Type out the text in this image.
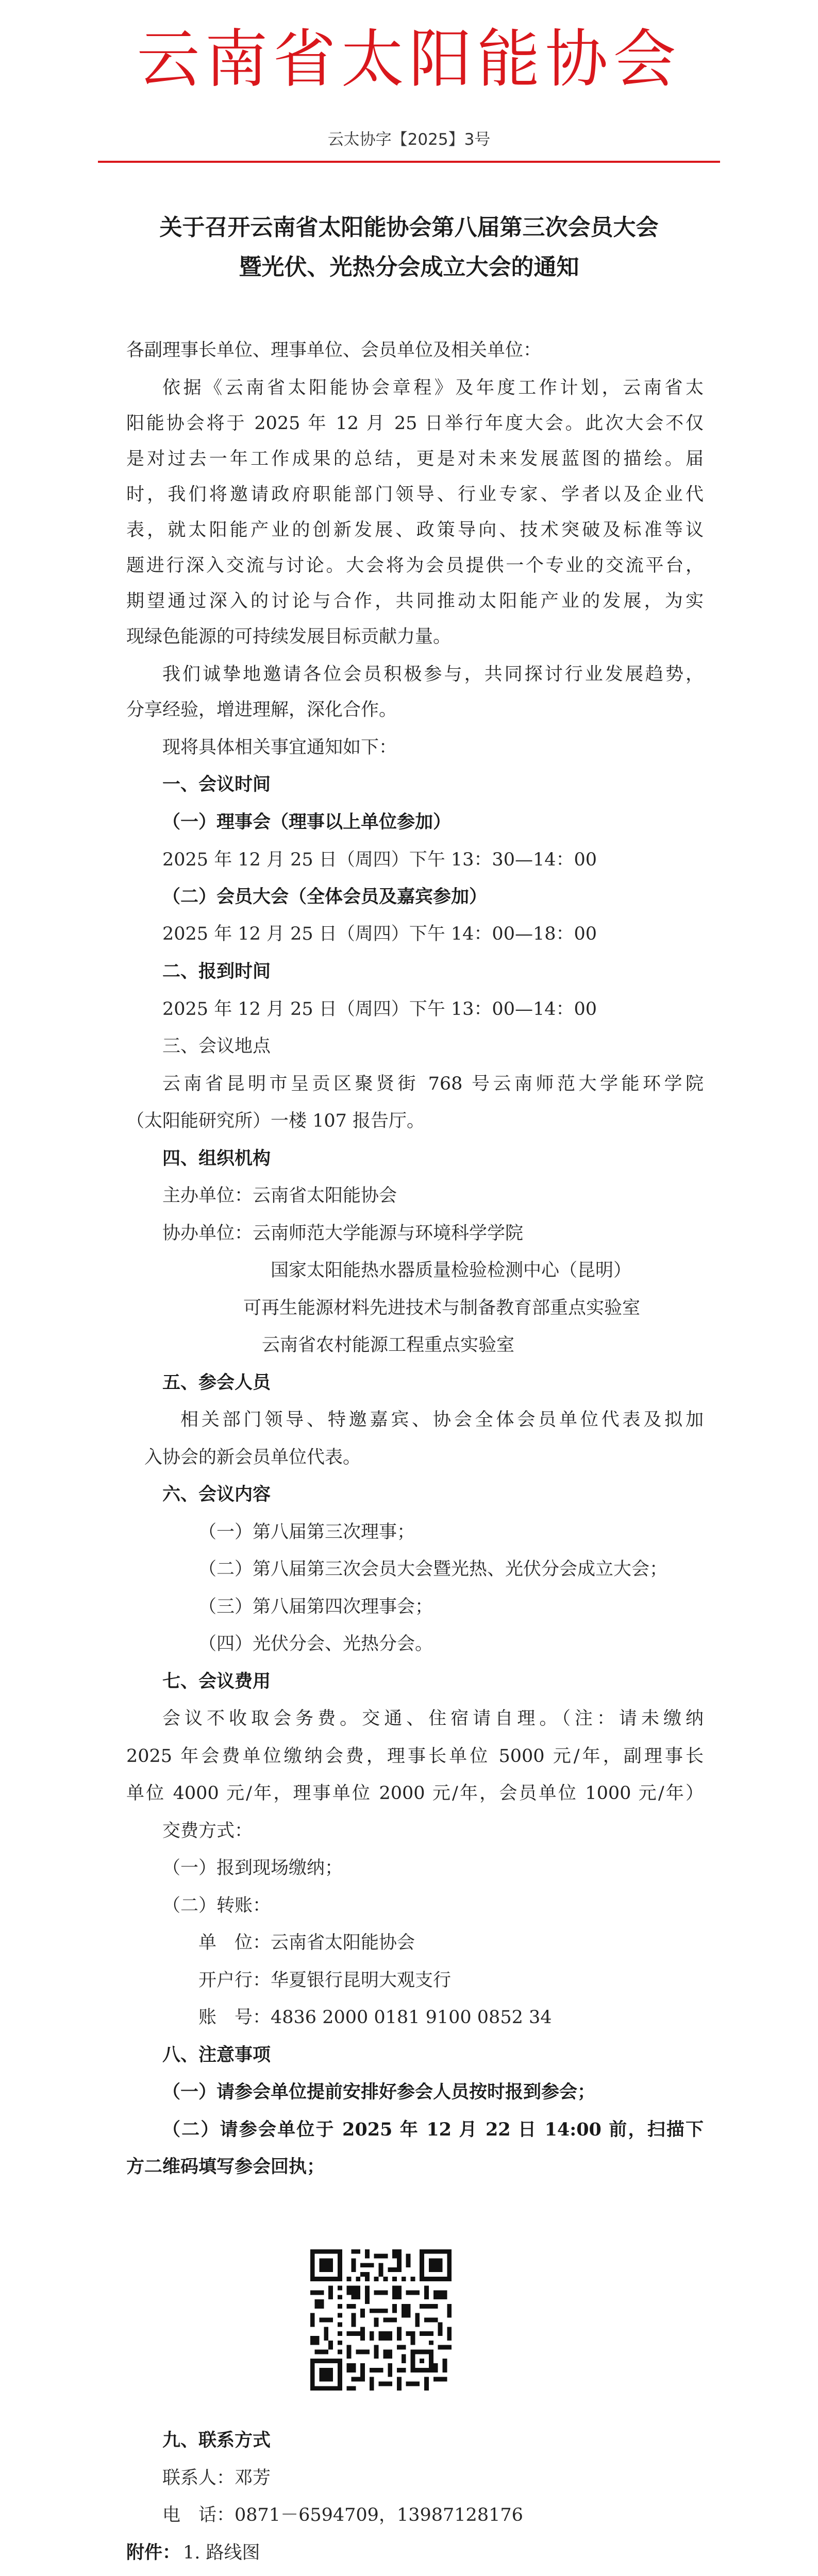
云南省太阳能协会
云太协字【2025】3号
关于召开云南省太阳能协会第八届第三次会员大会
暨光伏、光热分会成立大会的通知
各副理事长单位、理事单位、会员单位及相关单位：
依据《云南省太阳能协会章程》及年度工作计划，云南省太
阳能协会将于 2025 年 12 月 25 日举行年度大会。此次大会不仅
是对过去一年工作成果的总结，更是对未来发展蓝图的描绘。届
时，我们将邀请政府职能部门领导、行业专家、学者以及企业代
表，就太阳能产业的创新发展、政策导向、技术突破及标准等议
题进行深入交流与讨论。大会将为会员提供一个专业的交流平台，
期望通过深入的讨论与合作，共同推动太阳能产业的发展，为实
现绿色能源的可持续发展目标贡献力量。
我们诚挚地邀请各位会员积极参与，共同探讨行业发展趋势，
分享经验，增进理解，深化合作。
现将具体相关事宜通知如下：
一、会议时间
（一）理事会（理事以上单位参加）
2025 年 12 月 25 日（周四）下午 13：30—14：00
（二）会员大会（全体会员及嘉宾参加）
2025 年 12 月 25 日（周四）下午 14：00—18：00
二、报到时间
2025 年 12 月 25 日（周四）下午 13：00—14：00
三、会议地点
云南省昆明市呈贡区聚贤街 768 号云南师范大学能环学院
（太阳能研究所）一楼 107 报告厅。
四、组织机构
主办单位：云南省太阳能协会
协办单位：云南师范大学能源与环境科学学院
国家太阳能热水器质量检验检测中心（昆明）
可再生能源材料先进技术与制备教育部重点实验室
云南省农村能源工程重点实验室
五、参会人员
相关部门领导、特邀嘉宾、协会全体会员单位代表及拟加
入协会的新会员单位代表。
六、会议内容
（一）第八届第三次理事；
（二）第八届第三次会员大会暨光热、光伏分会成立大会；
（三）第八届第四次理事会；
（四）光伏分会、光热分会。
七、会议费用
会议不收取会务费。交通、住宿请自理。（注：请未缴纳
2025 年会费单位缴纳会费，理事长单位 5000 元/年，副理事长
单位 4000 元/年，理事单位 2000 元/年，会员单位 1000 元/年）
交费方式：
（一）报到现场缴纳；
（二）转账：
单　位：云南省太阳能协会
开户行：华夏银行昆明大观支行
账　号：4836 2000 0181 9100 0852 34
八、注意事项
（一）请参会单位提前安排好参会人员按时报到参会；
（二）请参会单位于 2025 年 12 月 22 日 14:00 前，扫描下
方二维码填写参会回执；
九、联系方式
联系人：邓芳
电　话：0871－6594709，13987128176
附件： 1. 路线图
